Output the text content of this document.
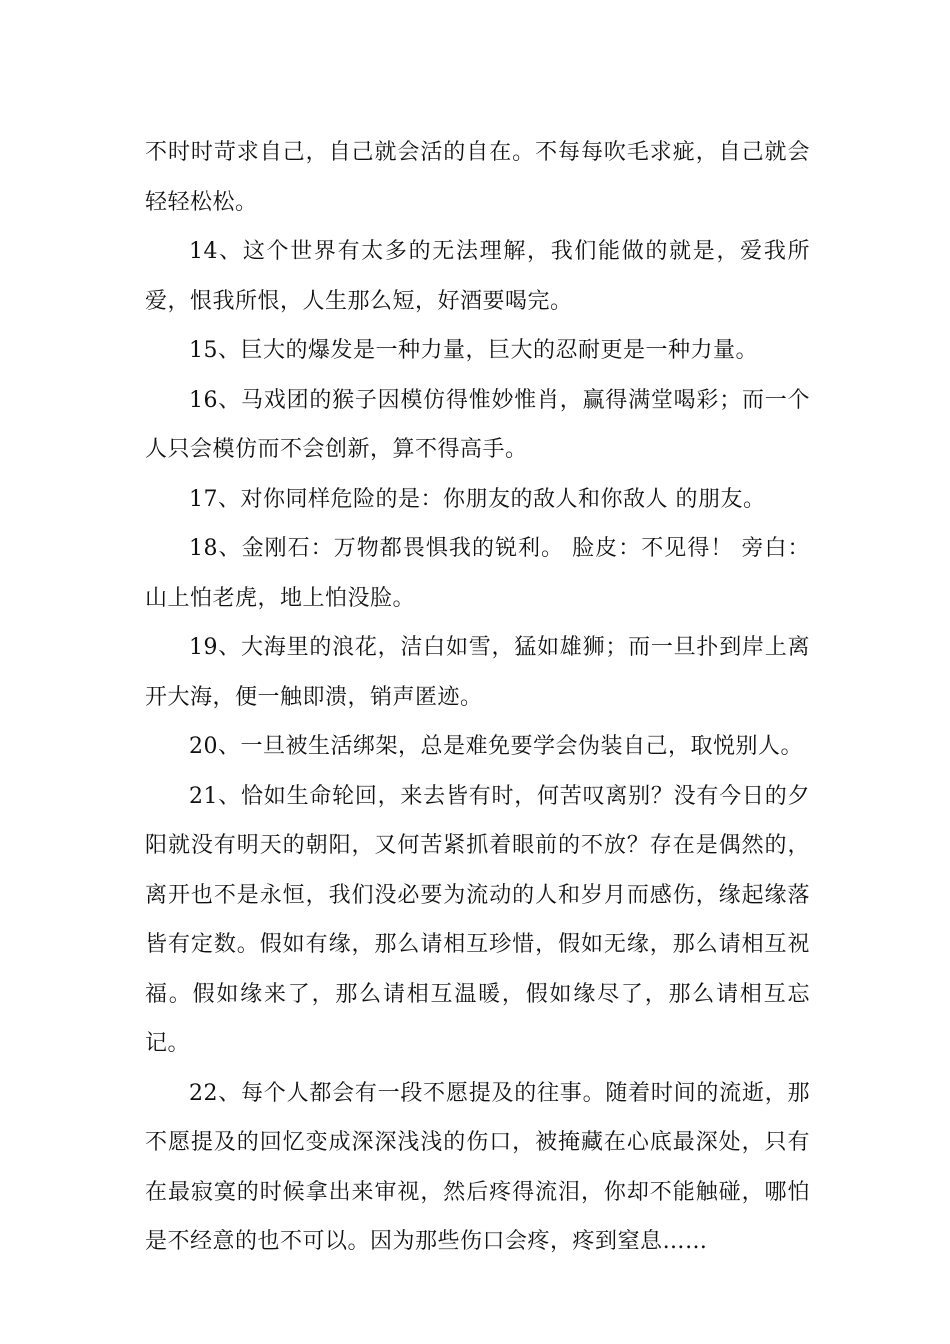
不时时苛求自己，自己就会活的自在。不每每吹毛求疵，自己就会轻轻松松。

14、这个世界有太多的无法理解，我们能做的就是，爱我所爱，恨我所恨，人生那么短，好酒要喝完。

15、巨大的爆发是一种力量，巨大的忍耐更是一种力量。

16、马戏团的猴子因模仿得惟妙惟肖，赢得满堂喝彩；而一个人只会模仿而不会创新，算不得高手。

17、对你同样危险的是：你朋友的敌人和你敌人 的朋友。

18、金刚石：万物都畏惧我的锐利。 脸皮：不见得！ 旁白：山上怕老虎，地上怕没脸。

19、大海里的浪花，洁白如雪，猛如雄狮；而一旦扑到岸上离开大海，便一触即溃，销声匿迹。

20、一旦被生活绑架，总是难免要学会伪装自己，取悦别人。

21、恰如生命轮回，来去皆有时，何苦叹离别？没有今日的夕阳就没有明天的朝阳，又何苦紧抓着眼前的不放？存在是偶然的，离开也不是永恒，我们没必要为流动的人和岁月而感伤，缘起缘落皆有定数。假如有缘，那么请相互珍惜，假如无缘，那么请相互祝福。假如缘来了，那么请相互温暖，假如缘尽了，那么请相互忘记。

22、每个人都会有一段不愿提及的往事。随着时间的流逝，那不愿提及的回忆变成深深浅浅的伤口，被掩藏在心底最深处，只有在最寂寞的时候拿出来审视，然后疼得流泪，你却不能触碰，哪怕是不经意的也不可以。因为那些伤口会疼，疼到窒息……
